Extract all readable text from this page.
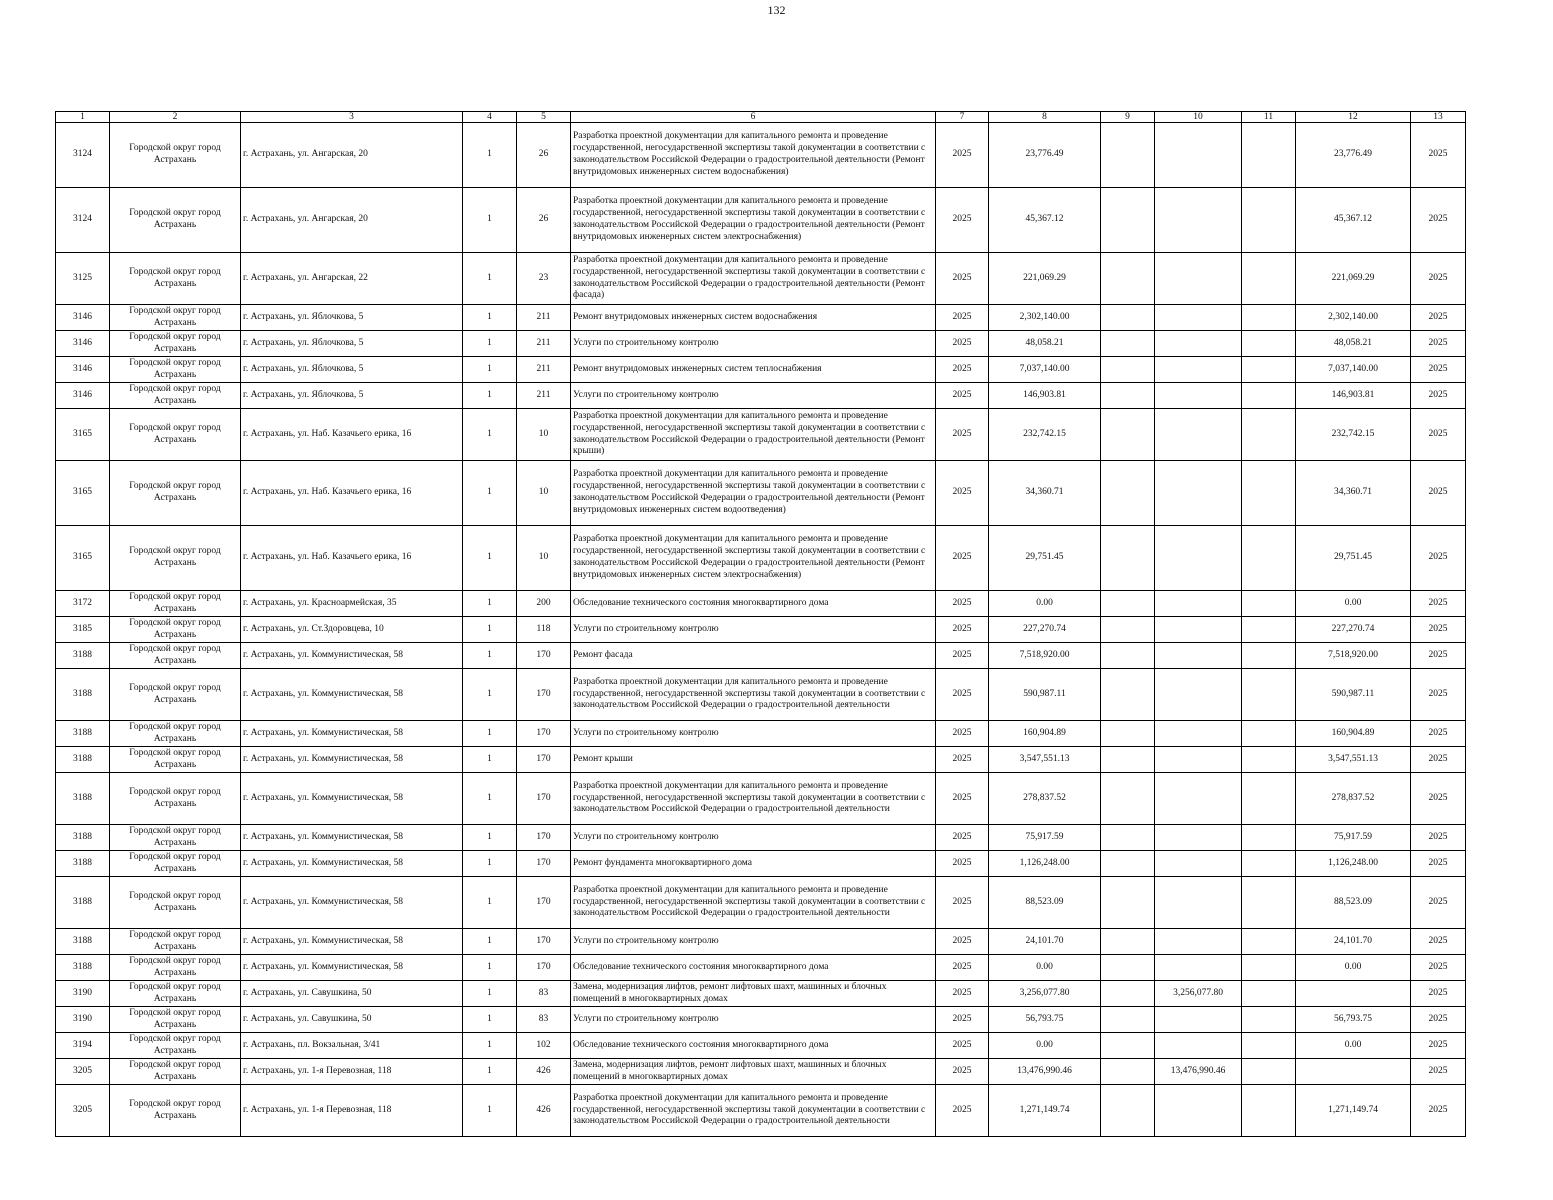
132
1	2	3	4	5	6	7	8	9	10	11	12	13
3124	Городской округ город Астрахань	г. Астрахань, ул. Ангарская, 20	1	26	Разработка проектной документации для капитального ремонта и проведение государственной, негосударственной экспертизы такой документации в соответствии с законодательством Российской Федерации о градостроительной деятельности (Ремонт внутридомовых инженерных систем водоснабжения)	2025	23,776.49				23,776.49	2025
3124	Городской округ город Астрахань	г. Астрахань, ул. Ангарская, 20	1	26	Разработка проектной документации для капитального ремонта и проведение государственной, негосударственной экспертизы такой документации в соответствии с законодательством Российской Федерации о градостроительной деятельности (Ремонт внутридомовых инженерных систем электроснабжения)	2025	45,367.12				45,367.12	2025
3125	Городской округ город Астрахань	г. Астрахань, ул. Ангарская, 22	1	23	Разработка проектной документации для капитального ремонта и проведение государственной, негосударственной экспертизы такой документации в соответствии с законодательством Российской Федерации о градостроительной деятельности (Ремонт фасада)	2025	221,069.29				221,069.29	2025
3146	Городской округ город Астрахань	г. Астрахань, ул. Яблочкова, 5	1	211	Ремонт внутридомовых инженерных систем водоснабжения	2025	2,302,140.00				2,302,140.00	2025
3146	Городской округ город Астрахань	г. Астрахань, ул. Яблочкова, 5	1	211	Услуги по строительному контролю	2025	48,058.21				48,058.21	2025
3146	Городской округ город Астрахань	г. Астрахань, ул. Яблочкова, 5	1	211	Ремонт внутридомовых инженерных систем теплоснабжения	2025	7,037,140.00				7,037,140.00	2025
3146	Городской округ город Астрахань	г. Астрахань, ул. Яблочкова, 5	1	211	Услуги по строительному контролю	2025	146,903.81				146,903.81	2025
3165	Городской округ город Астрахань	г. Астрахань, ул. Наб. Казачьего ерика, 16	1	10	Разработка проектной документации для капитального ремонта и проведение государственной, негосударственной экспертизы такой документации в соответствии с законодательством Российской Федерации о градостроительной деятельности (Ремонт крыши)	2025	232,742.15				232,742.15	2025
3165	Городской округ город Астрахань	г. Астрахань, ул. Наб. Казачьего ерика, 16	1	10	Разработка проектной документации для капитального ремонта и проведение государственной, негосударственной экспертизы такой документации в соответствии с законодательством Российской Федерации о градостроительной деятельности (Ремонт внутридомовых инженерных систем водоотведения)	2025	34,360.71				34,360.71	2025
3165	Городской округ город Астрахань	г. Астрахань, ул. Наб. Казачьего ерика, 16	1	10	Разработка проектной документации для капитального ремонта и проведение государственной, негосударственной экспертизы такой документации в соответствии с законодательством Российской Федерации о градостроительной деятельности (Ремонт внутридомовых инженерных систем электроснабжения)	2025	29,751.45				29,751.45	2025
3172	Городской округ город Астрахань	г. Астрахань, ул. Красноармейская, 35	1	200	Обследование технического состояния многоквартирного дома	2025	0.00				0.00	2025
3185	Городской округ город Астрахань	г. Астрахань, ул. Ст.Здоровцева, 10	1	118	Услуги по строительному контролю	2025	227,270.74				227,270.74	2025
3188	Городской округ город Астрахань	г. Астрахань, ул. Коммунистическая, 58	1	170	Ремонт фасада	2025	7,518,920.00				7,518,920.00	2025
3188	Городской округ город Астрахань	г. Астрахань, ул. Коммунистическая, 58	1	170	Разработка проектной документации для капитального ремонта и проведение государственной, негосударственной экспертизы такой документации в соответствии с законодательством Российской Федерации о градостроительной деятельности	2025	590,987.11				590,987.11	2025
3188	Городской округ город Астрахань	г. Астрахань, ул. Коммунистическая, 58	1	170	Услуги по строительному контролю	2025	160,904.89				160,904.89	2025
3188	Городской округ город Астрахань	г. Астрахань, ул. Коммунистическая, 58	1	170	Ремонт крыши	2025	3,547,551.13				3,547,551.13	2025
3188	Городской округ город Астрахань	г. Астрахань, ул. Коммунистическая, 58	1	170	Разработка проектной документации для капитального ремонта и проведение государственной, негосударственной экспертизы такой документации в соответствии с законодательством Российской Федерации о градостроительной деятельности	2025	278,837.52				278,837.52	2025
3188	Городской округ город Астрахань	г. Астрахань, ул. Коммунистическая, 58	1	170	Услуги по строительному контролю	2025	75,917.59				75,917.59	2025
3188	Городской округ город Астрахань	г. Астрахань, ул. Коммунистическая, 58	1	170	Ремонт фундамента многоквартирного дома	2025	1,126,248.00				1,126,248.00	2025
3188	Городской округ город Астрахань	г. Астрахань, ул. Коммунистическая, 58	1	170	Разработка проектной документации для капитального ремонта и проведение государственной, негосударственной экспертизы такой документации в соответствии с законодательством Российской Федерации о градостроительной деятельности	2025	88,523.09				88,523.09	2025
3188	Городской округ город Астрахань	г. Астрахань, ул. Коммунистическая, 58	1	170	Услуги по строительному контролю	2025	24,101.70				24,101.70	2025
3188	Городской округ город Астрахань	г. Астрахань, ул. Коммунистическая, 58	1	170	Обследование технического состояния многоквартирного дома	2025	0.00				0.00	2025
3190	Городской округ город Астрахань	г. Астрахань, ул. Савушкина, 50	1	83	Замена, модернизация лифтов, ремонт лифтовых шахт, машинных и блочных помещений в многоквартирных домах	2025	3,256,077.80		3,256,077.80			2025
3190	Городской округ город Астрахань	г. Астрахань, ул. Савушкина, 50	1	83	Услуги по строительному контролю	2025	56,793.75				56,793.75	2025
3194	Городской округ город Астрахань	г. Астрахань, пл. Вокзальная, 3/41	1	102	Обследование технического состояния многоквартирного дома	2025	0.00				0.00	2025
3205	Городской округ город Астрахань	г. Астрахань, ул. 1-я Перевозная, 118	1	426	Замена, модернизация лифтов, ремонт лифтовых шахт, машинных и блочных помещений в многоквартирных домах	2025	13,476,990.46		13,476,990.46			2025
3205	Городской округ город Астрахань	г. Астрахань, ул. 1-я Перевозная, 118	1	426	Разработка проектной документации для капитального ремонта и проведение государственной, негосударственной экспертизы такой документации в соответствии с законодательством Российской Федерации о градостроительной деятельности	2025	1,271,149.74				1,271,149.74	2025
